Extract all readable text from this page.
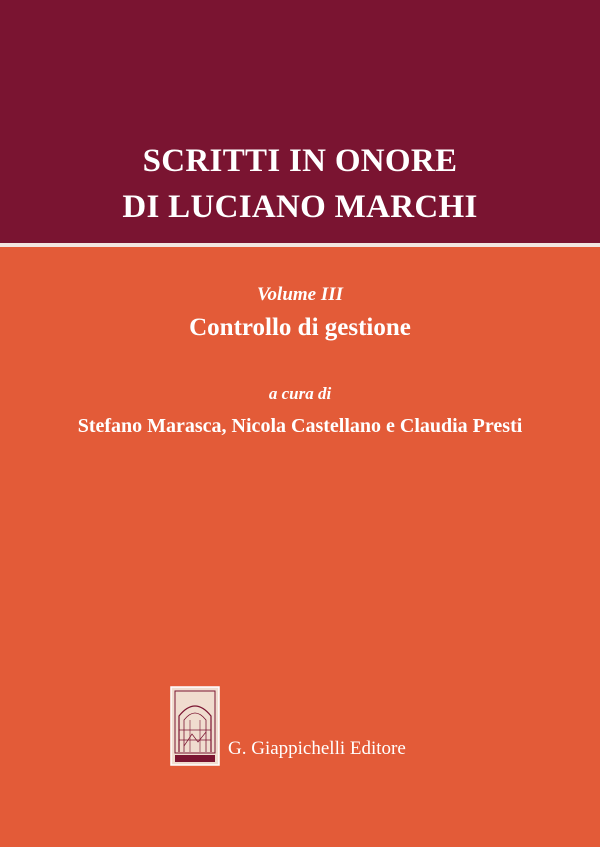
SCRITTI IN ONORE
DI LUCIANO MARCHI
Volume III
Controllo di gestione
a cura di
Stefano Marasca, Nicola Castellano e Claudia Presti
G. Giappichelli Editore
